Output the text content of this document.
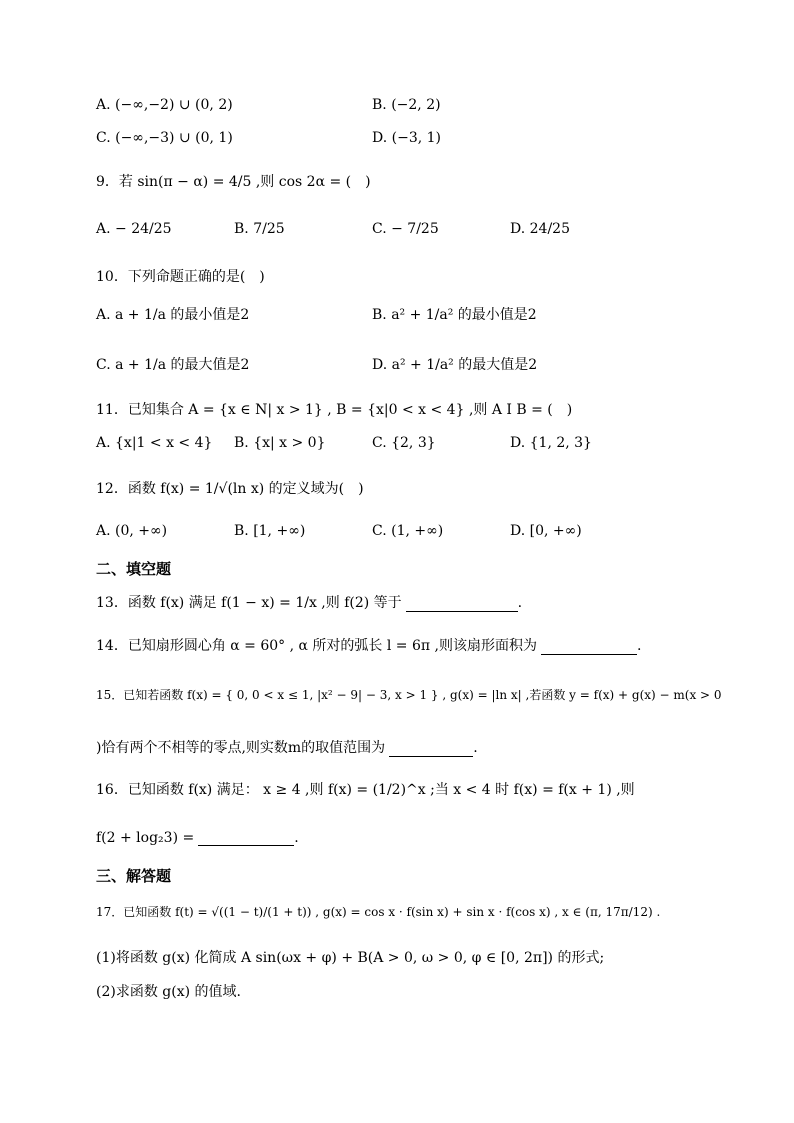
A. (−∞,−2) ∪ (0, 2)	B. (−2, 2)
C. (−∞,−3) ∪ (0, 1)	D. (−3, 1)
9．若 sin(π − α) = 4/5 ,则 cos 2α = (　)
A. − 24/25	B. 7/25	C. − 7/25	D. 24/25
10．下列命题正确的是(　)
A. a + 1/a 的最小值是2	B. a² + 1/a² 的最小值是2
C. a + 1/a 的最大值是2	D. a² + 1/a² 的最大值是2
11．已知集合 A = {x ∈ N| x > 1} , B = {x|0 < x < 4} ,则 A I B = (　)
A. {x|1 < x < 4} B. {x| x > 0}	C. {2, 3}	D. {1, 2, 3}
12．函数 f(x) = 1/√(ln x) 的定义域为(　)
A. (0, +∞)	B. [1, +∞)	C. (1, +∞)	D. [0, +∞)
二、填空题
13．函数 f(x) 满足 f(1 − x) = 1/x ,则 f(2) 等于	.
14．已知扇形圆心角 α = 60° , α 所对的弧长 l = 6π ,则该扇形面积为	.
15．已知若函数 f(x) = { 0, 0 < x ≤ 1, |x² − 9| − 3, x > 1 } , g(x) = |ln x| ,若函数 y = f(x) + g(x) − m(x > 0
)恰有两个不相等的零点,则实数m的取值范围为	.
16．已知函数 f(x) 满足： x ≥ 4 ,则 f(x) = (1/2)^x ;当 x < 4 时 f(x) = f(x + 1) ,则
f(2 + log₂3) =	.
三、解答题
17．已知函数 f(t) = √((1 − t)/(1 + t)) , g(x) = cos x · f(sin x) + sin x · f(cos x) , x ∈ (π, 17π/12) .
(1)将函数 g(x) 化简成 A sin(ωx + φ) + B(A > 0, ω > 0, φ ∈ [0, 2π]) 的形式;
(2)求函数 g(x) 的值域.
